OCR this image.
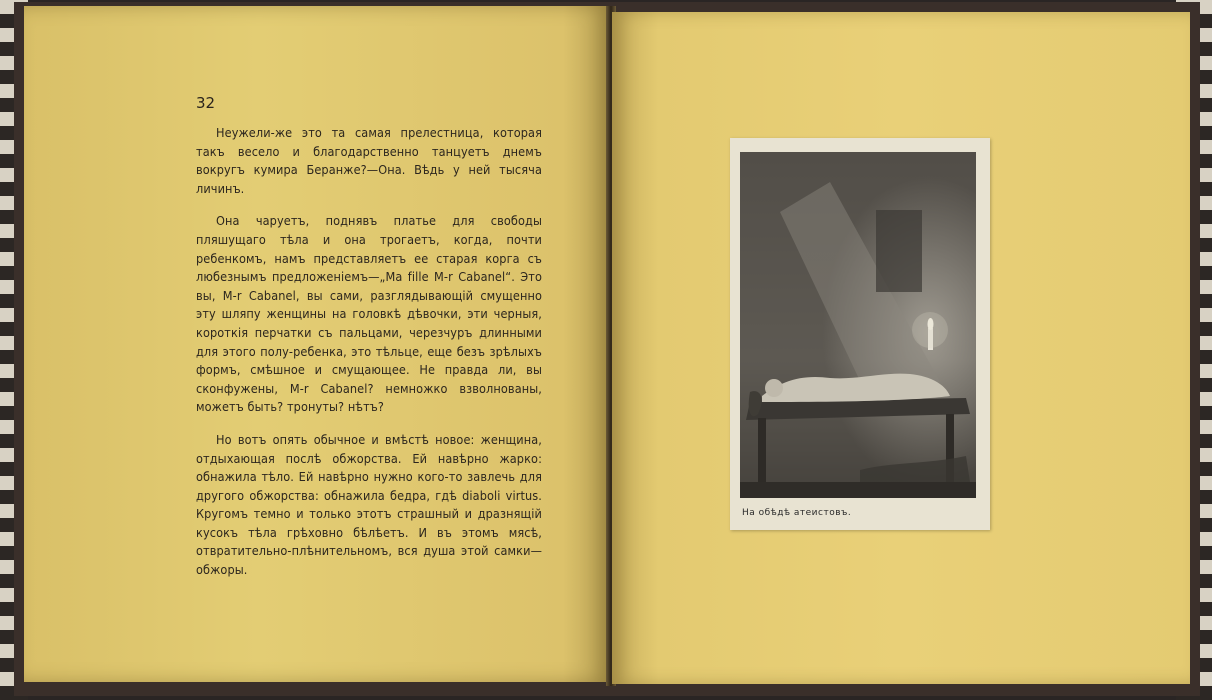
32

Неужели-же это та самая прелестница, которая такъ весело и благодарственно танцуетъ днемъ вокругъ кумира Беранже?—Она. Вѣдь у ней тысяча личинъ.

Она чаруетъ, поднявъ платье для свободы пляшущаго тѣла и она трогаетъ, когда, почти ребенкомъ, намъ представляетъ ее старая корга съ любезнымъ предложеніемъ—„Ma fille M-r Cabanel“. Это вы, M-r Cabanel, вы сами, разглядывающій смущенно эту шляпу женщины на головкѣ дѣвочки, эти черныя, короткія перчатки съ пальцами, черезчуръ длинными для этого полу-ребенка, это тѣльце, еще безъ зрѣлыхъ формъ, смѣшное и смущающее. Не правда ли, вы сконфужены, M-r Cabanel? немножко взволнованы, можетъ быть? тронуты? нѣтъ?

Но вотъ опять обычное и вмѣстѣ новое: женщина, отдыхающая послѣ обжорства. Ей навѣрно жарко: обнажила тѣло. Ей навѣрно нужно кого-то завлечь для другого обжорства: обнажила бедра, гдѣ diaboli virtus. Кругомъ темно и только этотъ страшный и дразнящій кусокъ тѣла грѣховно бѣлѣетъ. И въ этомъ мясѣ, отвратительно-плѣнительномъ, вся душа этой самки—обжоры.

На обѣдѣ атеистовъ.
